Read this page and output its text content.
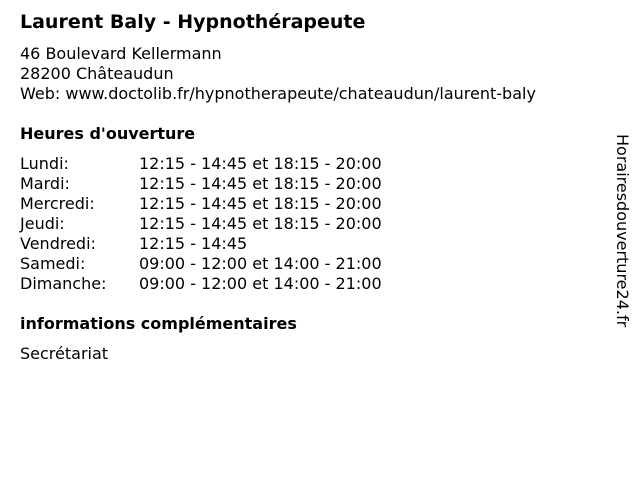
Laurent Baly - Hypnothérapeute
46 Boulevard Kellermann
28200 Châteaudun
Web: www.doctolib.fr/hypnotherapeute/chateaudun/laurent-baly
Heures d'ouverture
Lundi:	12:15 - 14:45 et 18:15 - 20:00
Mardi:	12:15 - 14:45 et 18:15 - 20:00
Mercredi:	12:15 - 14:45 et 18:15 - 20:00
Jeudi:	12:15 - 14:45 et 18:15 - 20:00
Vendredi:	12:15 - 14:45
Samedi:	09:00 - 12:00 et 14:00 - 21:00
Dimanche:	09:00 - 12:00 et 14:00 - 21:00
informations complémentaires
Secrétariat
Horairesdouverture24.fr
